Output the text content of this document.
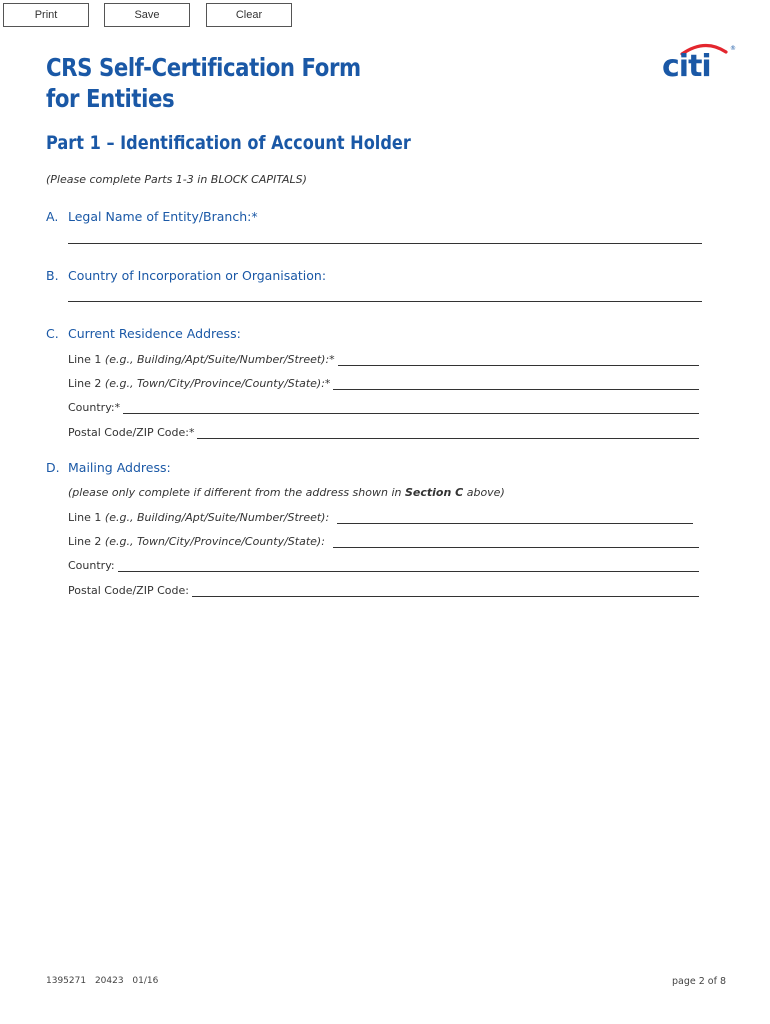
Print	Save	Clear
citi
®
CRS Self-Certification Form
for Entities
Part 1 – Identification of Account Holder
(Please complete Parts 1-3 in BLOCK CAPITALS)
A. Legal Name of Entity/Branch:*
B. Country of Incorporation or Organisation:
C. Current Residence Address:
Line 1 (e.g., Building/Apt/Suite/Number/Street):*
Line 2 (e.g., Town/City/Province/County/State):*
Country:*
Postal Code/ZIP Code:*
D. Mailing Address:
(please only complete if different from the address shown in Section C above)
Line 1 (e.g., Building/Apt/Suite/Number/Street):
Line 2 (e.g., Town/City/Province/County/State):
Country:
Postal Code/ZIP Code:
1395271 20423 01/16	page 2 of 8
